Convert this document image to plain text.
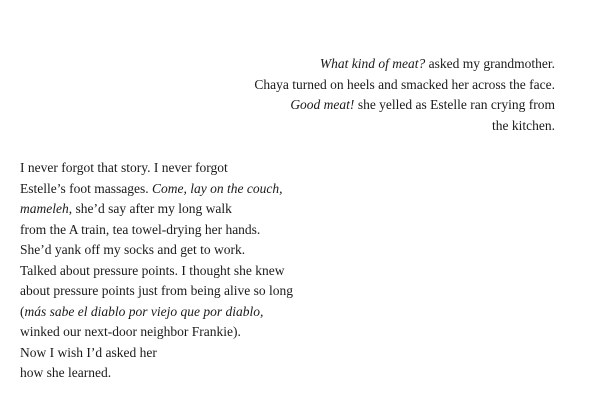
What kind of meat? asked my grandmother.
Chaya turned on heels and smacked her across the face.
Good meat! she yelled as Estelle ran crying from
the kitchen.
I never forgot that story. I never forgot
Estelle’s foot massages. Come, lay on the couch,
mameleh, she’d say after my long walk
from the A train, tea towel-drying her hands.
She’d yank off my socks and get to work.
Talked about pressure points. I thought she knew
about pressure points just from being alive so long
(más sabe el diablo por viejo que por diablo,
winked our next-door neighbor Frankie).
Now I wish I’d asked her
how she learned.
